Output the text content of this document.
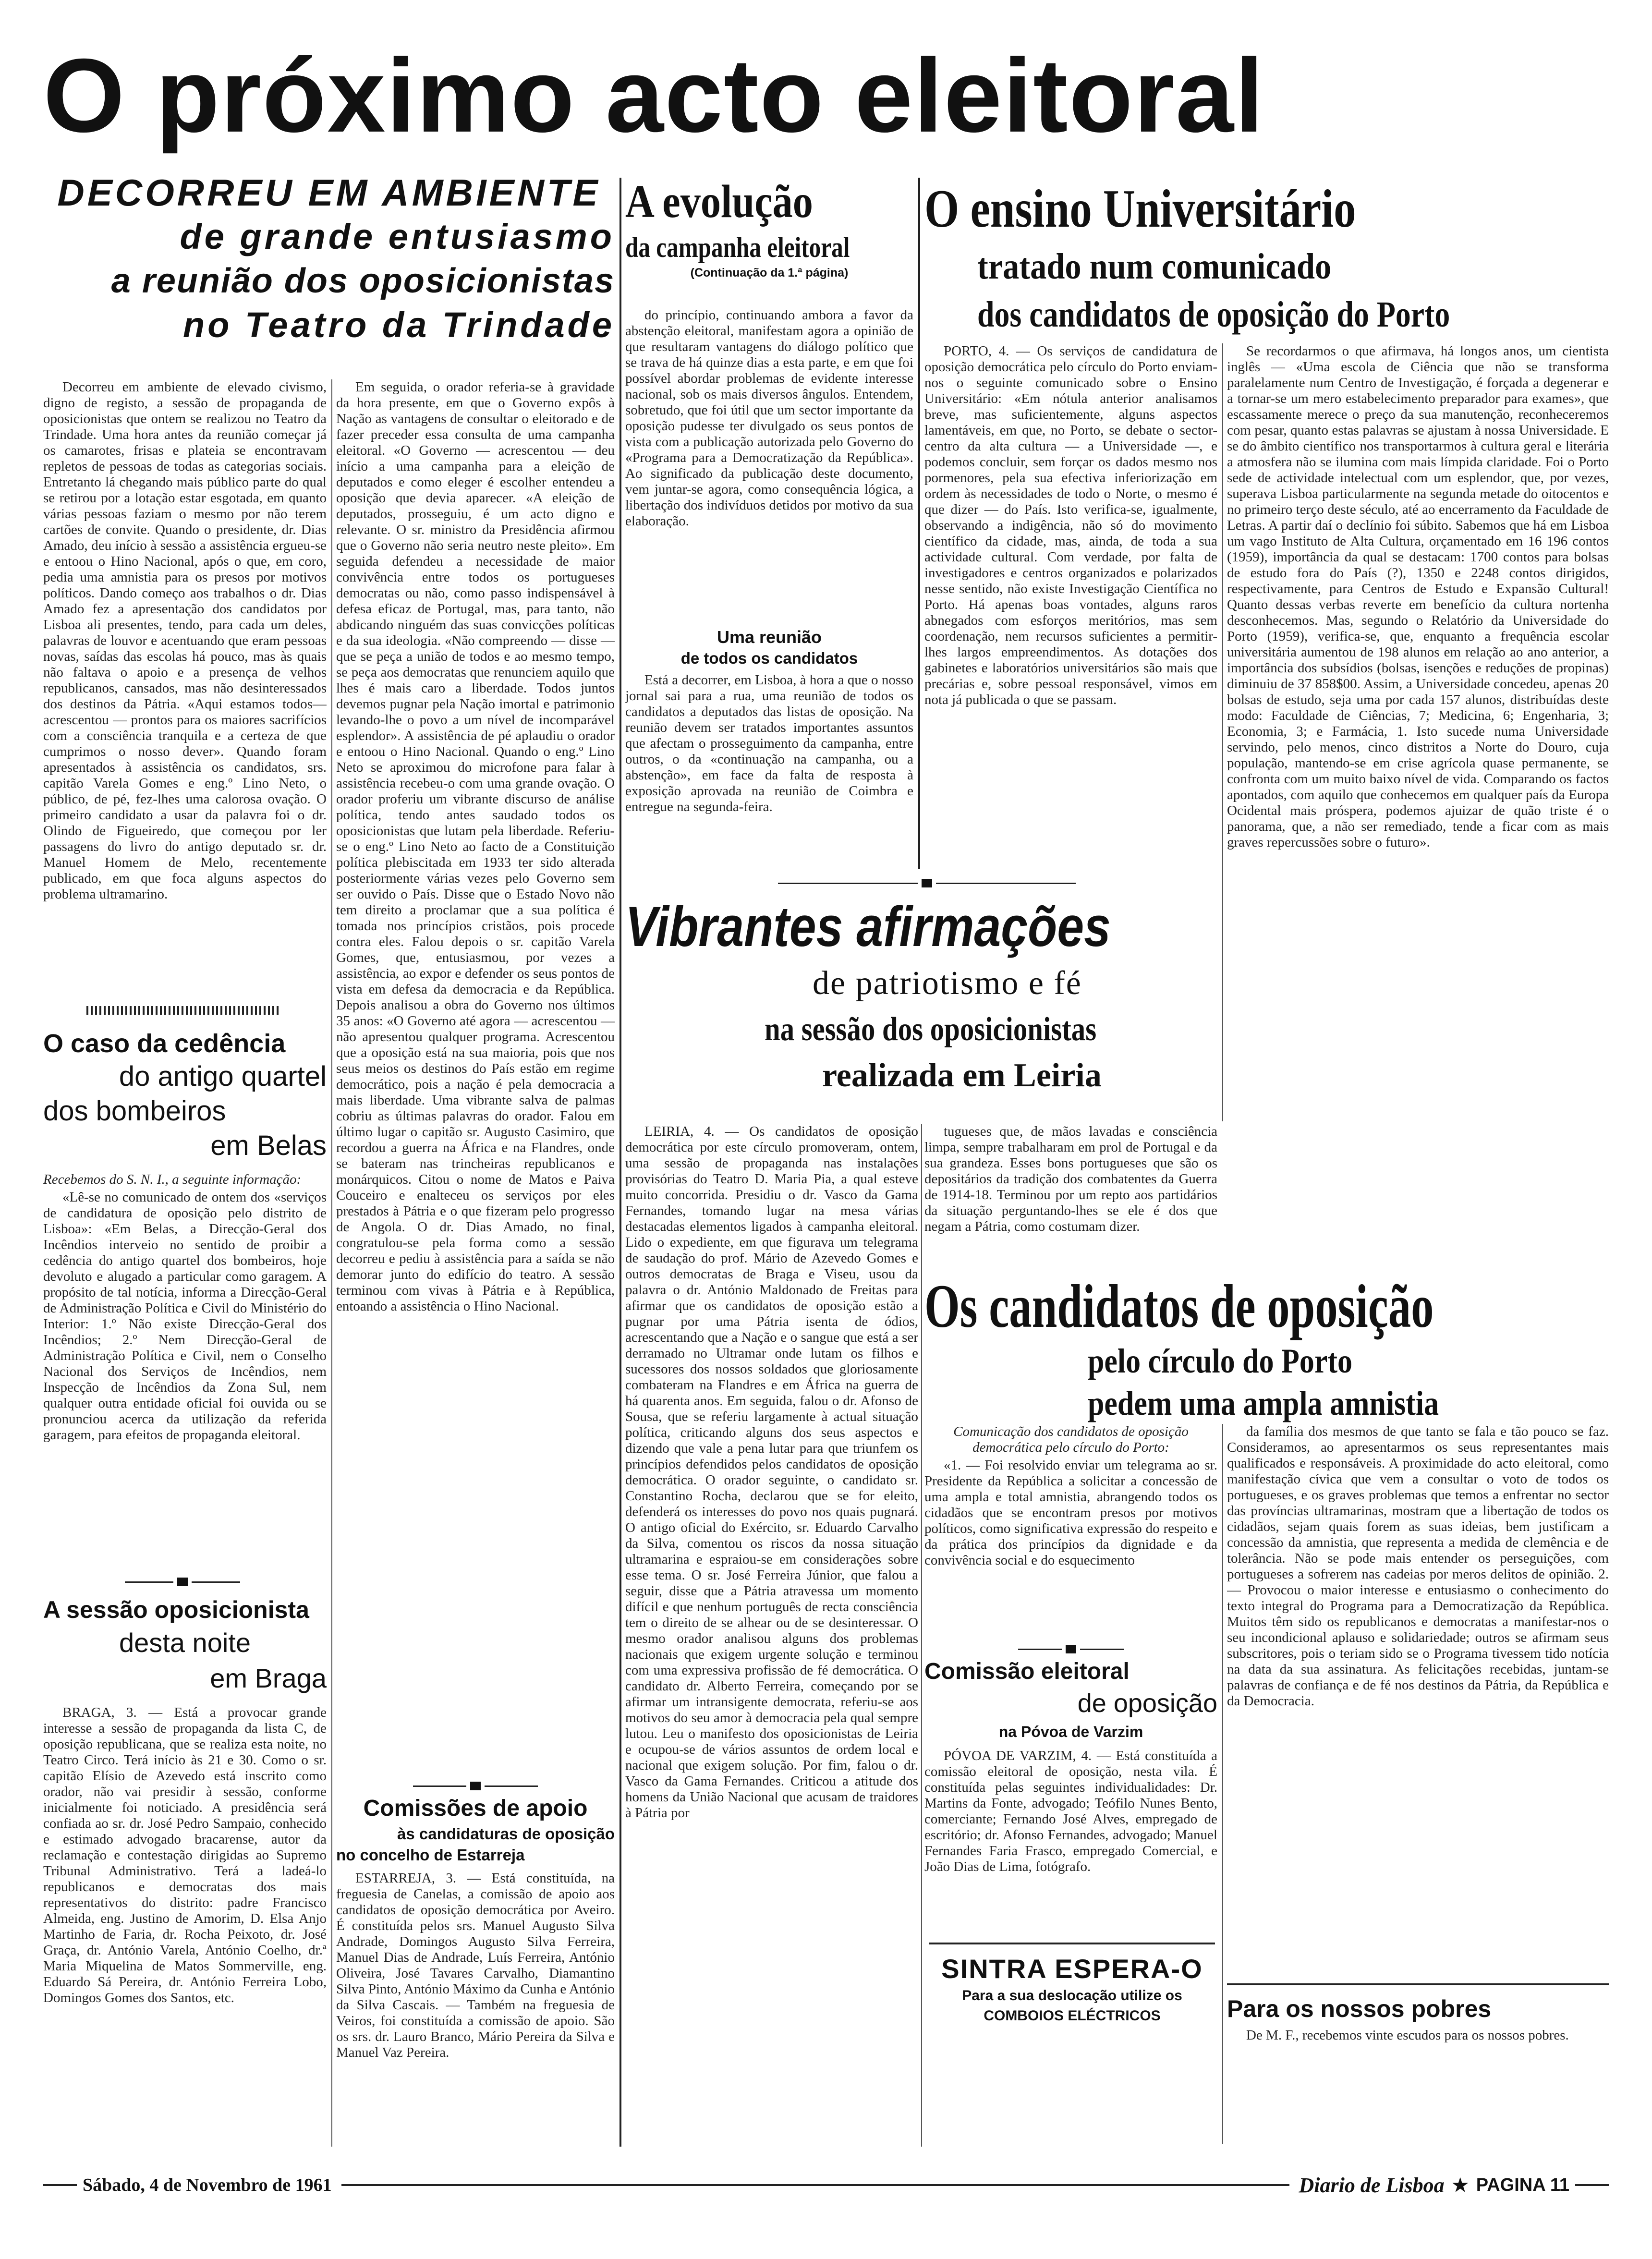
O próximo acto eleitoral
DECORREU EM AMBIENTE
de grande entusiasmo
a reunião dos oposicionistas
no Teatro da Trindade

Decorreu em ambiente de elevado civismo, digno de registo, a sessão de propaganda de oposicionistas que ontem se realizou no Teatro da Trindade. Uma hora antes da reunião começar já os camarotes, frisas e plateia se encontravam repletos de pessoas de todas as categorias sociais. Entretanto lá chegando mais público parte do qual se retirou por a lotação estar esgotada, em quanto várias pessoas faziam o mesmo por não terem cartões de convite. Quando o presidente, dr. Dias Amado, deu início à sessão a assistência ergueu-se e entoou o Hino Nacional, após o que, em coro, pedia uma amnistia para os presos por motivos políticos. Dando começo aos trabalhos o dr. Dias Amado fez a apresentação dos candidatos por Lisboa ali presentes, tendo, para cada um deles, palavras de louvor e acentuando que eram pessoas novas, saídas das escolas há pouco, mas às quais não faltava o apoio e a presença de velhos republicanos, cansados, mas não desinteressados dos destinos da Pátria. «Aqui estamos todos—acrescentou — prontos para os maiores sacrifícios com a consciência tranquila e a certeza de que cumprimos o nosso dever». Quando foram apresentados à assistência os candidatos, srs. capitão Varela Gomes e eng.º Lino Neto, o público, de pé, fez-lhes uma calorosa ovação. O primeiro candidato a usar da palavra foi o dr. Olindo de Figueiredo, que começou por ler passagens do livro do antigo deputado sr. dr. Manuel Homem de Melo, recentemente publicado, em que foca alguns aspectos do problema ultramarino.

Em seguida, o orador referia-se à gravidade da hora presente, em que o Governo expôs à Nação as vantagens de consultar o eleitorado e de fazer preceder essa consulta de uma campanha eleitoral. «O Governo — acrescentou — deu início a uma campanha para a eleição de deputados e como eleger é escolher entendeu a oposição que devia aparecer. «A eleição de deputados, prosseguiu, é um acto digno e relevante. O sr. ministro da Presidência afirmou que o Governo não seria neutro neste pleito». Em seguida defendeu a necessidade de maior convivência entre todos os portugueses democratas ou não, como passo indispensável à defesa eficaz de Portugal, mas, para tanto, não abdicando ninguém das suas convicções políticas e da sua ideologia. «Não compreendo — disse — que se peça a união de todos e ao mesmo tempo, se peça aos democratas que renunciem aquilo que lhes é mais caro a liberdade. Todos juntos devemos pugnar pela Nação imortal e patrimonio levando-lhe o povo a um nível de incomparável esplendor». A assistência de pé aplaudiu o orador e entoou o Hino Nacional. Quando o eng.º Lino Neto se aproximou do microfone para falar à assistência recebeu-o com uma grande ovação. O orador proferiu um vibrante discurso de análise política, tendo antes saudado todos os oposicionistas que lutam pela liberdade. Referiu-se o eng.º Lino Neto ao facto de a Constituição política plebiscitada em 1933 ter sido alterada posteriormente várias vezes pelo Governo sem ser ouvido o País. Disse que o Estado Novo não tem direito a proclamar que a sua política é tomada nos princípios cristãos, pois procede contra eles. Falou depois o sr. capitão Varela Gomes, que, entusiasmou, por vezes a assistência, ao expor e defender os seus pontos de vista em defesa da democracia e da República. Depois analisou a obra do Governo nos últimos 35 anos: «O Governo até agora — acrescentou — não apresentou qualquer programa. Acrescentou que a oposição está na sua maioria, pois que nos seus meios os destinos do País estão em regime democrático, pois a nação é pela democracia a mais liberdade. Uma vibrante salva de palmas cobriu as últimas palavras do orador. Falou em último lugar o capitão sr. Augusto Casimiro, que recordou a guerra na África e na Flandres, onde se bateram nas trincheiras republicanos e monárquicos. Citou o nome de Matos e Paiva Couceiro e enalteceu os serviços por eles prestados à Pátria e o que fizeram pelo progresso de Angola. O dr. Dias Amado, no final, congratulou-se pela forma como a sessão decorreu e pediu à assistência para a saída se não demorar junto do edifício do teatro. A sessão terminou com vivas à Pátria e à República, entoando a assistência o Hino Nacional.

O caso da cedência
do antigo quartel
dos bombeiros
em Belas

Recebemos do S. N. I., a seguinte informação:

«Lê-se no comunicado de ontem dos «serviços de candidatura de oposição pelo distrito de Lisboa»: «Em Belas, a Direcção-Geral dos Incêndios interveio no sentido de proibir a cedência do antigo quartel dos bombeiros, hoje devoluto e alugado a particular como garagem. A propósito de tal notícia, informa a Direcção-Geral de Administração Política e Civil do Ministério do Interior: 1.º Não existe Direcção-Geral dos Incêndios; 2.º Nem Direcção-Geral de Administração Política e Civil, nem o Conselho Nacional dos Serviços de Incêndios, nem Inspecção de Incêndios da Zona Sul, nem qualquer outra entidade oficial foi ouvida ou se pronunciou acerca da utilização da referida garagem, para efeitos de propaganda eleitoral.

A sessão oposicionista
desta noite
em Braga

BRAGA, 3. — Está a provocar grande interesse a sessão de propaganda da lista C, de oposição republicana, que se realiza esta noite, no Teatro Circo. Terá início às 21 e 30. Como o sr. capitão Elísio de Azevedo está inscrito como orador, não vai presidir à sessão, conforme inicialmente foi noticiado. A presidência será confiada ao sr. dr. José Pedro Sampaio, conhecido e estimado advogado bracarense, autor da reclamação e contestação dirigidas ao Supremo Tribunal Administrativo. Terá a ladeá-lo republicanos e democratas dos mais representativos do distrito: padre Francisco Almeida, eng. Justino de Amorim, D. Elsa Anjo Martinho de Faria, dr. Rocha Peixoto, dr. José Graça, dr. António Varela, António Coelho, dr.ª Maria Miquelina de Matos Sommerville, eng. Eduardo Sá Pereira, dr. António Ferreira Lobo, Domingos Gomes dos Santos, etc.

Comissões de apoio
às candidaturas de oposição
no concelho de Estarreja

ESTARREJA, 3. — Está constituída, na freguesia de Canelas, a comissão de apoio aos candidatos de oposição democrática por Aveiro. É constituída pelos srs. Manuel Augusto Silva Andrade, Domingos Augusto Silva Ferreira, Manuel Dias de Andrade, Luís Ferreira, António Oliveira, José Tavares Carvalho, Diamantino Silva Pinto, António Máximo da Cunha e António da Silva Cascais. — Também na freguesia de Veiros, foi constituída a comissão de apoio. São os srs. dr. Lauro Branco, Mário Pereira da Silva e Manuel Vaz Pereira.

A evolução
da campanha eleitoral
(Continuação da 1.ª página)

do princípio, continuando ambora a favor da abstenção eleitoral, manifestam agora a opinião de que resultaram vantagens do diálogo político que se trava de há quinze dias a esta parte, e em que foi possível abordar problemas de evidente interesse nacional, sob os mais diversos ângulos. Entendem, sobretudo, que foi útil que um sector importante da oposição pudesse ter divulgado os seus pontos de vista com a publicação autorizada pelo Governo do «Programa para a Democratização da República». Ao significado da publicação deste documento, vem juntar-se agora, como consequência lógica, a libertação dos indivíduos detidos por motivo da sua elaboração.

Uma reunião
de todos os candidatos

Está a decorrer, em Lisboa, à hora a que o nosso jornal sai para a rua, uma reunião de todos os candidatos a deputados das listas de oposição. Na reunião devem ser tratados importantes assuntos que afectam o prosseguimento da campanha, entre outros, o da «continuação na campanha, ou a abstenção», em face da falta de resposta à exposição aprovada na reunião de Coimbra e entregue na segunda-feira.

O ensino Universitário
tratado num comunicado
dos candidatos de oposição do Porto

PORTO, 4. — Os serviços de candidatura de oposição democrática pelo círculo do Porto enviam-nos o seguinte comunicado sobre o Ensino Universitário: «Em nótula anterior analisamos breve, mas suficientemente, alguns aspectos lamentáveis, em que, no Porto, se debate o sector-centro da alta cultura — a Universidade —, e podemos concluir, sem forçar os dados mesmo nos pormenores, pela sua efectiva inferiorização em ordem às necessidades de todo o Norte, o mesmo é que dizer — do País. Isto verifica-se, igualmente, observando a indigência, não só do movimento científico da cidade, mas, ainda, de toda a sua actividade cultural. Com verdade, por falta de investigadores e centros organizados e polarizados nesse sentido, não existe Investigação Científica no Porto. Há apenas boas vontades, alguns raros abnegados com esforços meritórios, mas sem coordenação, nem recursos suficientes a permitir-lhes largos empreendimentos. As dotações dos gabinetes e laboratórios universitários são mais que precárias e, sobre pessoal responsável, vimos em nota já publicada o que se passam.

Se recordarmos o que afirmava, há longos anos, um cientista inglês — «Uma escola de Ciência que não se transforma paralelamente num Centro de Investigação, é forçada a degenerar e a tornar-se um mero estabelecimento preparador para exames», que escassamente merece o preço da sua manutenção, reconheceremos com pesar, quanto estas palavras se ajustam à nossa Universidade. E se do âmbito científico nos transportarmos à cultura geral e literária a atmosfera não se ilumina com mais límpida claridade. Foi o Porto sede de actividade intelectual com um esplendor, que, por vezes, superava Lisboa particularmente na segunda metade do oitocentos e no primeiro terço deste século, até ao encerramento da Faculdade de Letras. A partir daí o declínio foi súbito. Sabemos que há em Lisboa um vago Instituto de Alta Cultura, orçamentado em 16 196 contos (1959), importância da qual se destacam: 1700 contos para bolsas de estudo fora do País (?), 1350 e 2248 contos dirigidos, respectivamente, para Centros de Estudo e Expansão Cultural! Quanto dessas verbas reverte em benefício da cultura nortenha desconhecemos. Mas, segundo o Relatório da Universidade do Porto (1959), verifica-se, que, enquanto a frequência escolar universitária aumentou de 198 alunos em relação ao ano anterior, a importância dos subsídios (bolsas, isenções e reduções de propinas) diminuiu de 37 858$00. Assim, a Universidade concedeu, apenas 20 bolsas de estudo, seja uma por cada 157 alunos, distribuídas deste modo: Faculdade de Ciências, 7; Medicina, 6; Engenharia, 3; Economia, 3; e Farmácia, 1. Isto sucede numa Universidade servindo, pelo menos, cinco distritos a Norte do Douro, cuja população, mantendo-se em crise agrícola quase permanente, se confronta com um muito baixo nível de vida. Comparando os factos apontados, com aquilo que conhecemos em qualquer país da Europa Ocidental mais próspera, podemos ajuizar de quão triste é o panorama, que, a não ser remediado, tende a ficar com as mais graves repercussões sobre o futuro».

Vibrantes afirmações
de patriotismo e fé
na sessão dos oposicionistas
realizada em Leiria

LEIRIA, 4. — Os candidatos de oposição democrática por este círculo promoveram, ontem, uma sessão de propaganda nas instalações provisórias do Teatro D. Maria Pia, a qual esteve muito concorrida. Presidiu o dr. Vasco da Gama Fernandes, tomando lugar na mesa várias destacadas elementos ligados à campanha eleitoral. Lido o expediente, em que figurava um telegrama de saudação do prof. Mário de Azevedo Gomes e outros democratas de Braga e Viseu, usou da palavra o dr. António Maldonado de Freitas para afirmar que os candidatos de oposição estão a pugnar por uma Pátria isenta de ódios, acrescentando que a Nação e o sangue que está a ser derramado no Ultramar onde lutam os filhos e sucessores dos nossos soldados que gloriosamente combateram na Flandres e em África na guerra de há quarenta anos. Em seguida, falou o dr. Afonso de Sousa, que se referiu largamente à actual situação política, criticando alguns dos seus aspectos e dizendo que vale a pena lutar para que triunfem os princípios defendidos pelos candidatos de oposição democrática. O orador seguinte, o candidato sr. Constantino Rocha, declarou que se for eleito, defenderá os interesses do povo nos quais pugnará. O antigo oficial do Exército, sr. Eduardo Carvalho da Silva, comentou os riscos da nossa situação ultramarina e espraiou-se em considerações sobre esse tema. O sr. José Ferreira Júnior, que falou a seguir, disse que a Pátria atravessa um momento difícil e que nenhum português de recta consciência tem o direito de se alhear ou de se desinteressar. O mesmo orador analisou alguns dos problemas nacionais que exigem urgente solução e terminou com uma expressiva profissão de fé democrática. O candidato dr. Alberto Ferreira, começando por se afirmar um intransigente democrata, referiu-se aos motivos do seu amor à democracia pela qual sempre lutou. Leu o manifesto dos oposicionistas de Leiria e ocupou-se de vários assuntos de ordem local e nacional que exigem solução. Por fim, falou o dr. Vasco da Gama Fernandes. Criticou a atitude dos homens da União Nacional que acusam de traidores à Pátria por

tugueses que, de mãos lavadas e consciência limpa, sempre trabalharam em prol de Portugal e da sua grandeza. Esses bons portugueses que são os depositários da tradição dos combatentes da Guerra de 1914-18. Terminou por um repto aos partidários da situação perguntando-lhes se ele é dos que negam a Pátria, como costumam dizer.

Os candidatos de oposição
pelo círculo do Porto
pedem uma ampla amnistia

Comunicação dos candidatos de oposição democrática pelo círculo do Porto:

«1. — Foi resolvido enviar um telegrama ao sr. Presidente da República a solicitar a concessão de uma ampla e total amnistia, abrangendo todos os cidadãos que se encontram presos por motivos políticos, como significativa expressão do respeito e da prática dos princípios da dignidade e da convivência social e do esquecimento

da família dos mesmos de que tanto se fala e tão pouco se faz. Consideramos, ao apresentarmos os seus representantes mais qualificados e responsáveis. A proximidade do acto eleitoral, como manifestação cívica que vem a consultar o voto de todos os portugueses, e os graves problemas que temos a enfrentar no sector das províncias ultramarinas, mostram que a libertação de todos os cidadãos, sejam quais forem as suas ideias, bem justificam a concessão da amnistia, que representa a medida de clemência e de tolerância. Não se pode mais entender os perseguições, com portugueses a sofrerem nas cadeias por meros delitos de opinião. 2. — Provocou o maior interesse e entusiasmo o conhecimento do texto integral do Programa para a Democratização da República. Muitos têm sido os republicanos e democratas a manifestar-nos o seu incondicional aplauso e solidariedade; outros se afirmam seus subscritores, pois o teriam sido se o Programa tivessem tido notícia na data da sua assinatura. As felicitações recebidas, juntam-se palavras de confiança e de fé nos destinos da Pátria, da República e da Democracia.

Comissão eleitoral
de oposição
na Póvoa de Varzim

PÓVOA DE VARZIM, 4. — Está constituída a comissão eleitoral de oposição, nesta vila. É constituída pelas seguintes individualidades: Dr. Martins da Fonte, advogado; Teófilo Nunes Bento, comerciante; Fernando José Alves, empregado de escritório; dr. Afonso Fernandes, advogado; Manuel Fernandes Faria Frasco, empregado Comercial, e João Dias de Lima, fotógrafo.

SINTRA ESPERA-O
Para a sua deslocação utilize os
COMBOIOS ELÉCTRICOS	Para os nossos pobres

De M. F., recebemos vinte escudos para os nossos pobres.

Sábado, 4 de Novembro de 1961	Diario de Lisboa ★ PAGINA 11
